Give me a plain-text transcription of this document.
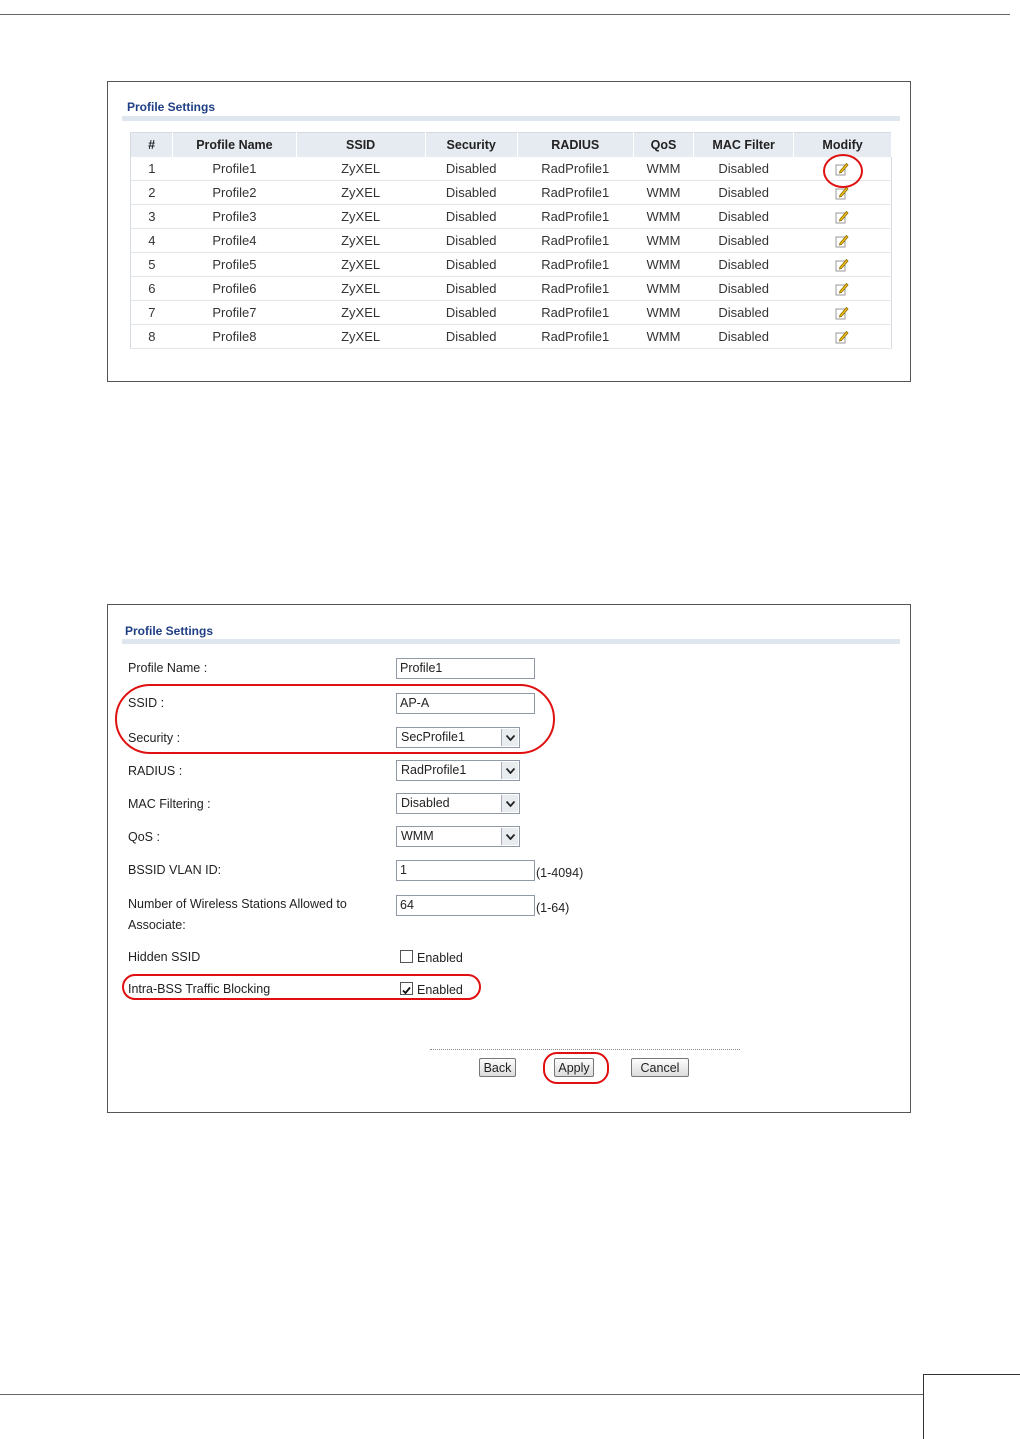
Profile Settings
#	Profile Name	SSID	Security	RADIUS	QoS	MAC Filter	Modify
1	Profile1	ZyXEL	Disabled	RadProfile1	WMM	Disabled	

2	Profile2	ZyXEL	Disabled	RadProfile1	WMM	Disabled	

3	Profile3	ZyXEL	Disabled	RadProfile1	WMM	Disabled	

4	Profile4	ZyXEL	Disabled	RadProfile1	WMM	Disabled	

5	Profile5	ZyXEL	Disabled	RadProfile1	WMM	Disabled	

6	Profile6	ZyXEL	Disabled	RadProfile1	WMM	Disabled	

7	Profile7	ZyXEL	Disabled	RadProfile1	WMM	Disabled	

8	Profile8	ZyXEL	Disabled	RadProfile1	WMM	Disabled	
Profile Settings
Profile Name :	Profile1
SSID :	AP-A
Security :	SecProfile1
RADIUS :	RadProfile1
MAC Filtering :	Disabled
QoS :	WMM
BSSID VLAN ID:	1	(1-4094)
Number of Wireless Stations Allowed to
Associate:
64	(1-64)
Hidden SSID	Enabled
Intra-BSS Traffic Blocking	Enabled
Back	Apply	Cancel
